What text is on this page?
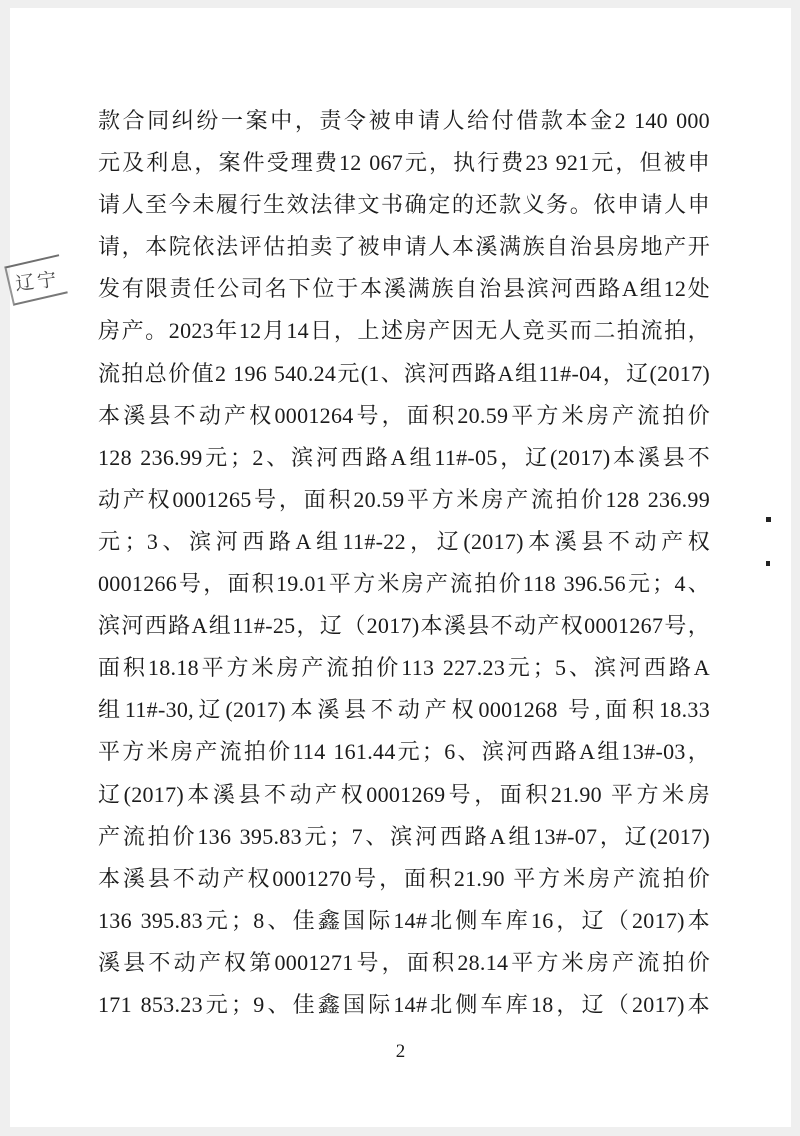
辽宁
款合同纠纷一案中，责令被申请人给付借款本金2 140 000
元及利息，案件受理费12 067元，执行费23 921元，但被申
请人至今未履行生效法律文书确定的还款义务。依申请人申
请，本院依法评估拍卖了被申请人本溪满族自治县房地产开
发有限责任公司名下位于本溪满族自治县滨河西路A组12处
房产。2023年12月14日，上述房产因无人竞买而二拍流拍，
流拍总价值2 196 540.24元(1、滨河西路A组11#-04，辽(2017)
本溪县不动产权0001264号，面积20.59平方米房产流拍价
128 236.99元；2、滨河西路A组11#-05，辽(2017)本溪县不
动产权0001265号，面积20.59平方米房产流拍价128 236.99
元；3、滨河西路A组11#-22，辽(2017)本溪县不动产权
0001266号，面积19.01平方米房产流拍价118 396.56元；4、
滨河西路A组11#-25，辽（2017)本溪县不动产权0001267号，
面积18.18平方米房产流拍价113 227.23元；5、滨河西路A
组11#-30,辽(2017)本溪县不动产权0001268 号,面积18.33
平方米房产流拍价114 161.44元；6、滨河西路A组13#-03，
辽(2017)本溪县不动产权0001269号，面积21.90 平方米房
产流拍价136 395.83元；7、滨河西路A组13#-07，辽(2017)
本溪县不动产权0001270号，面积21.90 平方米房产流拍价
136 395.83元；8、佳鑫国际14#北侧车库16，辽（2017)本
溪县不动产权第0001271号，面积28.14平方米房产流拍价
171 853.23元；9、佳鑫国际14#北侧车库18，辽（2017)本
2
